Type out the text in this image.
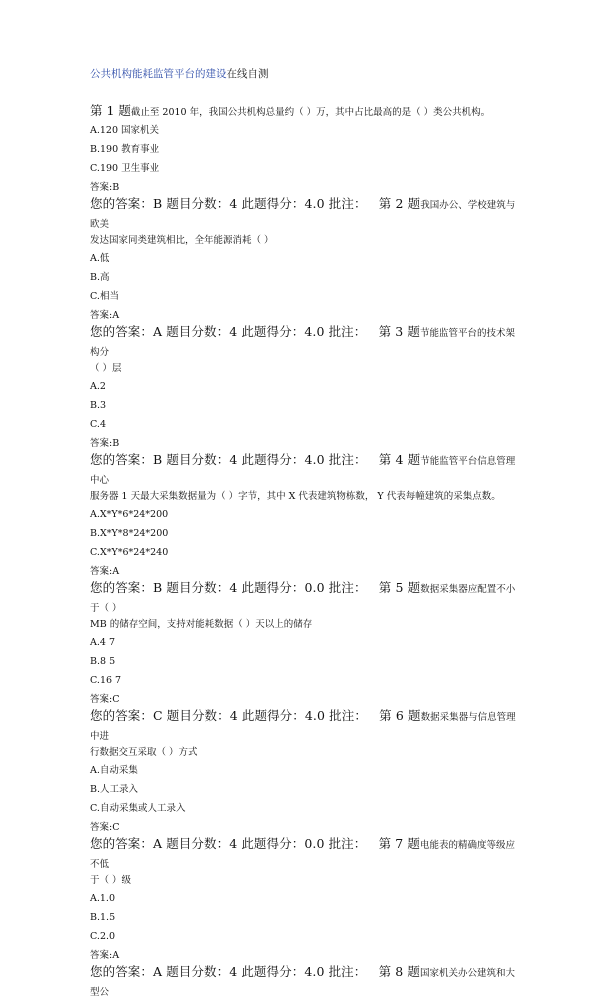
公共机构能耗监管平台的建设在线自测

第 1 题截止至 2010 年，我国公共机构总量约（ ）万，其中占比最高的是（ ）类公共机构。

A.120 国家机关

B.190 教育事业

C.190 卫生事业

答案:B

您的答案：B 题目分数：4 此题得分：4.0 批注： 第 2 题我国办公、学校建筑与欧美

发达国家同类建筑相比，全年能源消耗（ ）

A.低

B.高

C.相当

答案:A

您的答案：A 题目分数：4 此题得分：4.0 批注： 第 3 题节能监管平台的技术架构分

（ ）层

A.2

B.3

C.4

答案:B

您的答案：B 题目分数：4 此题得分：4.0 批注： 第 4 题节能监管平台信息管理中心

服务器 1 天最大采集数据量为（ ）字节，其中 X 代表建筑物栋数， Y 代表每幢建筑的采集点数。

A.X*Y*6*24*200

B.X*Y*8*24*200

C.X*Y*6*24*240

答案:A

您的答案：B 题目分数：4 此题得分：0.0 批注： 第 5 题数据采集器应配置不小于（ ）

MB 的储存空间，支持对能耗数据（ ）天以上的储存

A.4 7

B.8 5

C.16 7

答案:C

您的答案：C 题目分数：4 此题得分：4.0 批注： 第 6 题数据采集器与信息管理中进

行数据交互采取（ ）方式

A.自动采集

B.人工录入

C.自动采集或人工录入

答案:C

您的答案：A 题目分数：4 此题得分：0.0 批注： 第 7 题电能表的精确度等级应不低

于（ ）级

A.1.0

B.1.5

C.2.0

答案:A

您的答案：A 题目分数：4 此题得分：4.0 批注： 第 8 题国家机关办公建筑和大型公
